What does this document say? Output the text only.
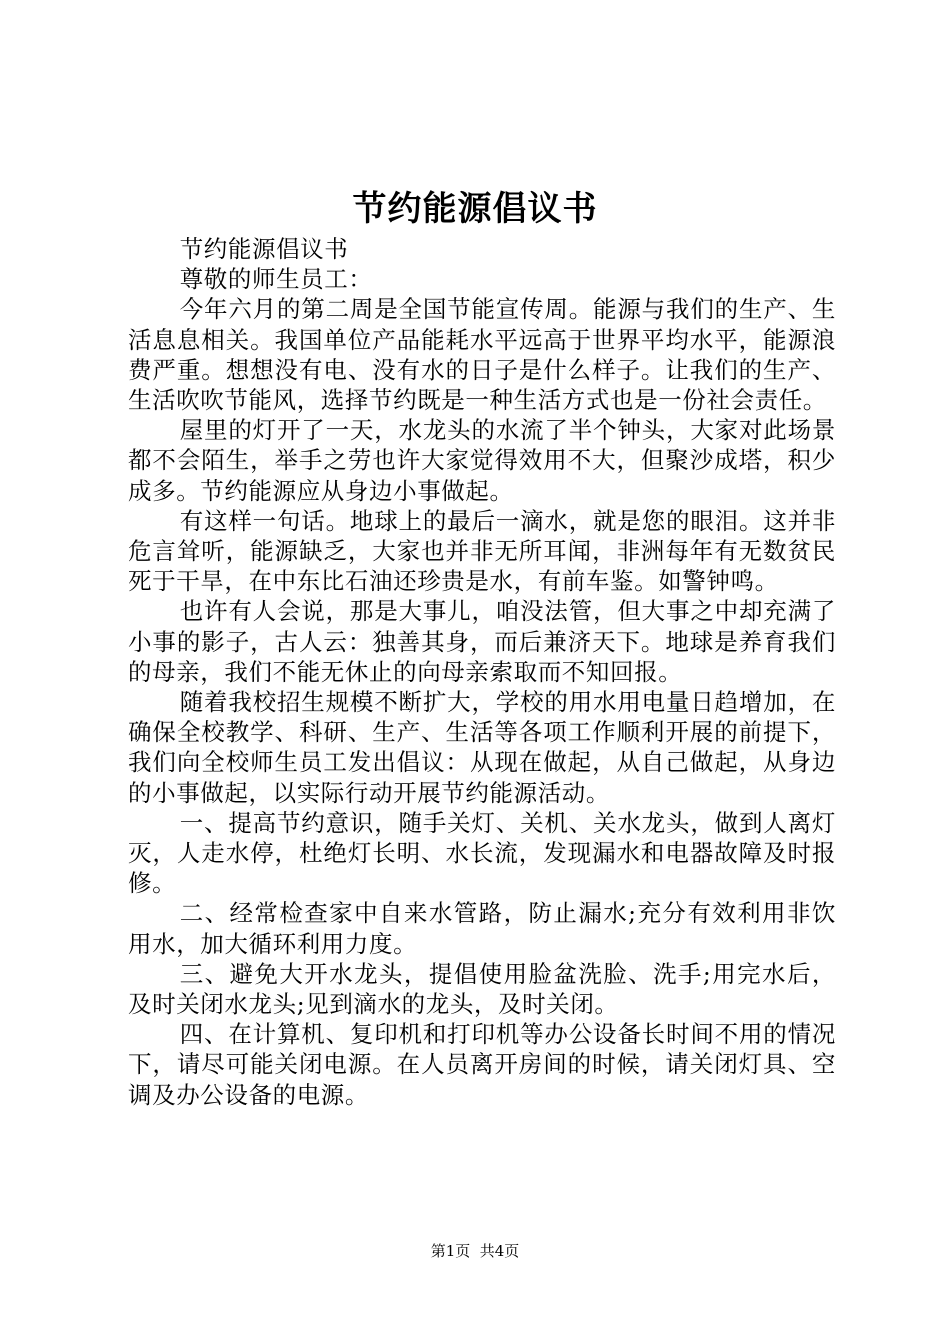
节约能源倡议书

节约能源倡议书

尊敬的师生员工：

今年六月的第二周是全国节能宣传周。能源与我们的生产、生活息息相关。我国单位产品能耗水平远高于世界平均水平，能源浪费严重。想想没有电、没有水的日子是什么样子。让我们的生产、生活吹吹节能风，选择节约既是一种生活方式也是一份社会责任。

屋里的灯开了一天，水龙头的水流了半个钟头，大家对此场景都不会陌生，举手之劳也许大家觉得效用不大，但聚沙成塔，积少成多。节约能源应从身边小事做起。

有这样一句话。地球上的最后一滴水，就是您的眼泪。这并非危言耸听，能源缺乏，大家也并非无所耳闻，非洲每年有无数贫民死于干旱，在中东比石油还珍贵是水，有前车鉴。如警钟鸣。

也许有人会说，那是大事儿，咱没法管，但大事之中却充满了小事的影子，古人云：独善其身，而后兼济天下。地球是养育我们的母亲，我们不能无休止的向母亲索取而不知回报。

随着我校招生规模不断扩大，学校的用水用电量日趋增加，在确保全校教学、科研、生产、生活等各项工作顺利开展的前提下，我们向全校师生员工发出倡议：从现在做起，从自己做起，从身边的小事做起，以实际行动开展节约能源活动。

一、提高节约意识，随手关灯、关机、关水龙头，做到人离灯灭，人走水停，杜绝灯长明、水长流，发现漏水和电器故障及时报修。

二、经常检查家中自来水管路，防止漏水;充分有效利用非饮用水，加大循环利用力度。

三、避免大开水龙头，提倡使用脸盆洗脸、洗手;用完水后，及时关闭水龙头;见到滴水的龙头，及时关闭。

四、在计算机、复印机和打印机等办公设备长时间不用的情况下，请尽可能关闭电源。在人员离开房间的时候，请关闭灯具、空调及办公设备的电源。

第1页  共4页
